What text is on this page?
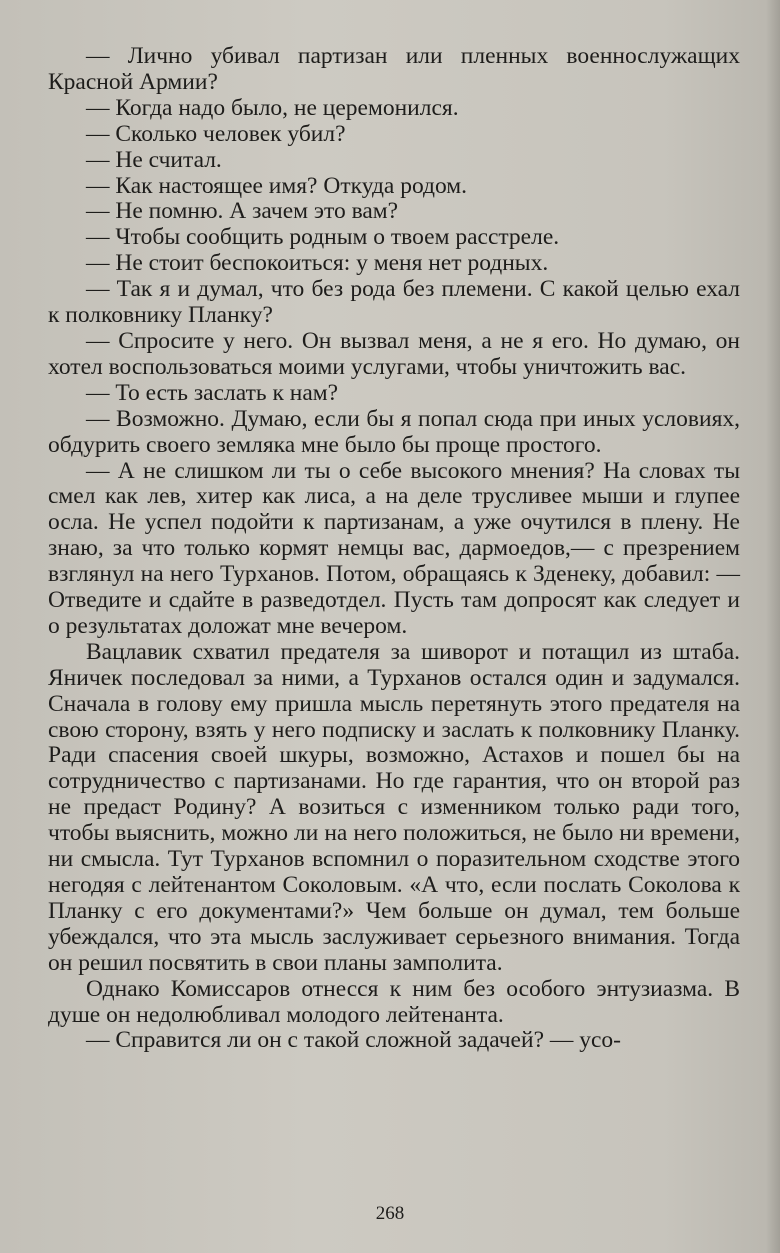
— Лично убивал партизан или пленных военнослужащих Красной Армии?

— Когда надо было, не церемонился.

— Сколько человек убил?

— Не считал.

— Как настоящее имя? Откуда родом.

— Не помню. А зачем это вам?

— Чтобы сообщить родным о твоем расстреле.

— Не стоит беспокоиться: у меня нет родных.

— Так я и думал, что без рода без племени. С какой целью ехал к полковнику Планку?

— Спросите у него. Он вызвал меня, а не я его. Но думаю, он хотел воспользоваться моими услугами, чтобы уничтожить вас.

— То есть заслать к нам?

— Возможно. Думаю, если бы я попал сюда при иных условиях, обдурить своего земляка мне было бы проще простого.

— А не слишком ли ты о себе высокого мнения? На словах ты смел как лев, хитер как лиса, а на деле трусливее мыши и глупее осла. Не успел подойти к партизанам, а уже очутился в плену. Не знаю, за что только кормят немцы вас, дармоедов,— с презрением взглянул на него Турханов. Потом, обращаясь к Зденеку, добавил: — Отведите и сдайте в разведотдел. Пусть там допросят как следует и о результатах доложат мне вечером.

Вацлавик схватил предателя за шиворот и потащил из штаба. Яничек последовал за ними, а Турханов остался один и задумался. Сначала в голову ему пришла мысль перетянуть этого предателя на свою сторону, взять у него подписку и заслать к полковнику Планку. Ради спасения своей шкуры, возможно, Астахов и пошел бы на сотрудничество с партизанами. Но где гарантия, что он второй раз не предаст Родину? А возиться с изменником только ради того, чтобы выяснить, можно ли на него положиться, не было ни времени, ни смысла. Тут Турханов вспомнил о поразительном сходстве этого негодяя с лейтенантом Соколовым. «А что, если послать Соколова к Планку с его документами?» Чем больше он думал, тем больше убеждался, что эта мысль заслуживает серьезного внимания. Тогда он решил посвятить в свои планы замполита.

Однако Комиссаров отнесся к ним без особого энтузиазма. В душе он недолюбливал молодого лейтенанта.

— Справится ли он с такой сложной задачей? — усо-

268
